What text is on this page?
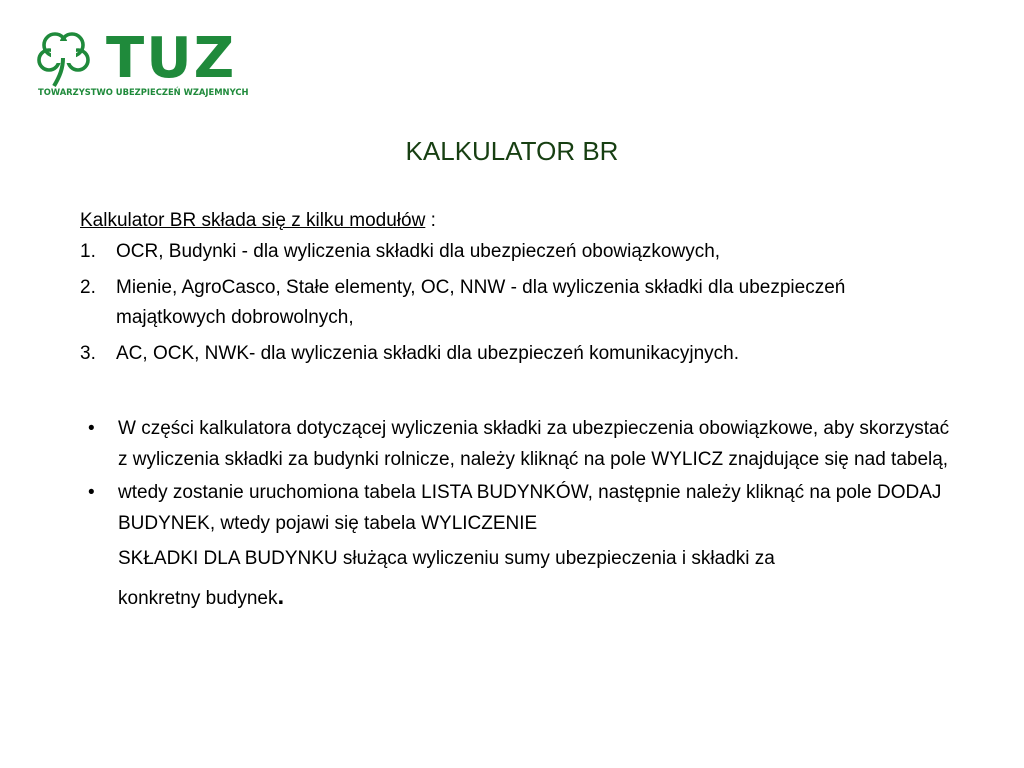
TUZ
TOWARZYSTWO UBEZPIECZEŃ WZAJEMNYCH
KALKULATOR BR

Kalkulator BR składa się z kilku modułów :

1. OCR, Budynki - dla wyliczenia składki dla ubezpieczeń obowiązkowych,
2. Mienie, AgroCasco, Stałe elementy, OC, NNW - dla wyliczenia składki dla ubezpieczeń majątkowych dobrowolnych,
3. AC, OCK, NWK- dla wyliczenia składki dla ubezpieczeń komunikacyjnych.
• W części kalkulatora dotyczącej wyliczenia składki za ubezpieczenia obowiązkowe, aby skorzystać z wyliczenia składki za budynki rolnicze, należy kliknąć na pole WYLICZ znajdujące się nad tabelą,
• wtedy zostanie uruchomiona tabela LISTA BUDYNKÓW, następnie należy kliknąć na pole DODAJ BUDYNEK, wtedy pojawi się tabela WYLICZENIE
SKŁADKI DLA BUDYNKU służąca wyliczeniu sumy ubezpieczenia i składki za
konkretny budynek.
